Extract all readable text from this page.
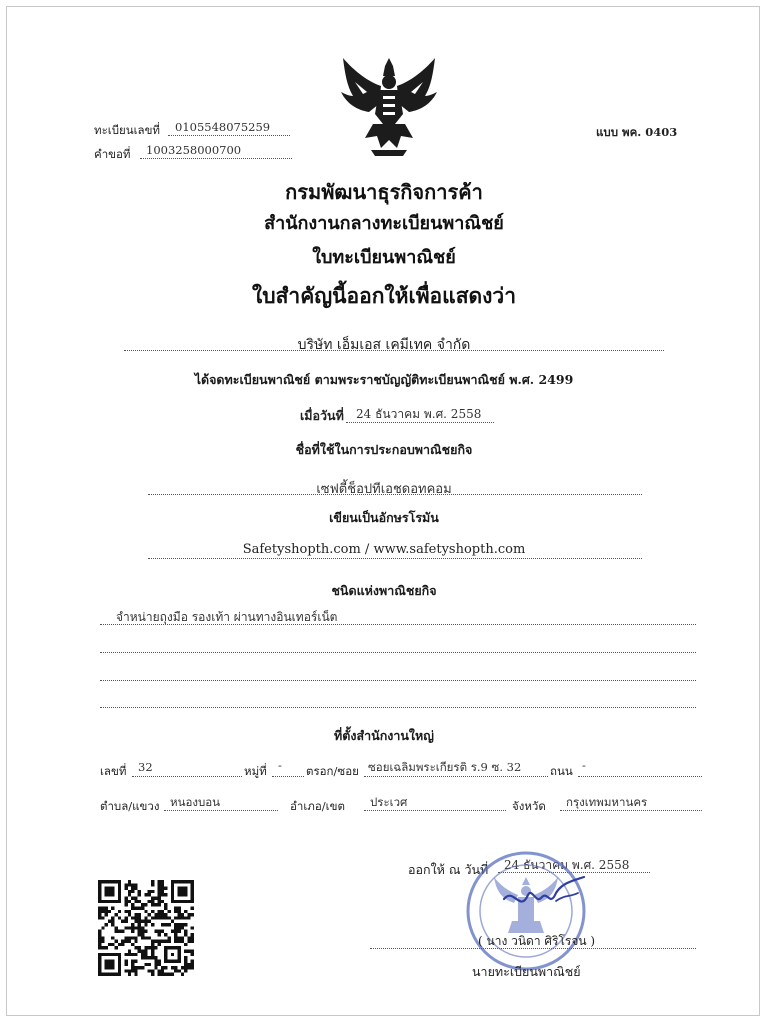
ทะเบียนเลขที่ 0105548075259
คำขอที่ 1003258000700
แบบ พค. 0403
กรมพัฒนาธุรกิจการค้า
สำนักงานกลางทะเบียนพาณิชย์
ใบทะเบียนพาณิชย์
ใบสำคัญนี้ออกให้เพื่อแสดงว่า
บริษัท เอ็มเอส เคมีเทค จำกัด
ได้จดทะเบียนพาณิชย์ ตามพระราชบัญญัติทะเบียนพาณิชย์ พ.ศ. 2499
เมื่อวันที่ 24 ธันวาคม พ.ศ. 2558
ชื่อที่ใช้ในการประกอบพาณิชยกิจ
เซฟตี้ช็อปทีเอชดอทคอม
เขียนเป็นอักษรโรมัน
Safetyshopth.com / www.safetyshopth.com
ชนิดแห่งพาณิชยกิจ
จำหน่ายถุงมือ รองเท้า ผ่านทางอินเทอร์เน็ต
ที่ตั้งสำนักงานใหญ่
เลขที่ 32	หมู่ที่ - ตรอก/ซอย ซอยเฉลิมพระเกียรติ ร.9 ซ. 32 ถนน -
ตำบล/แขวง หนองบอน	อำเภอ/เขต ประเวศ	จังหวัด กรุงเทพมหานคร
ออกให้ ณ วันที่ 24 ธันวาคม พ.ศ. 2558
( นาง วนิดา ศิริโรจน )
นายทะเบียนพาณิชย์
